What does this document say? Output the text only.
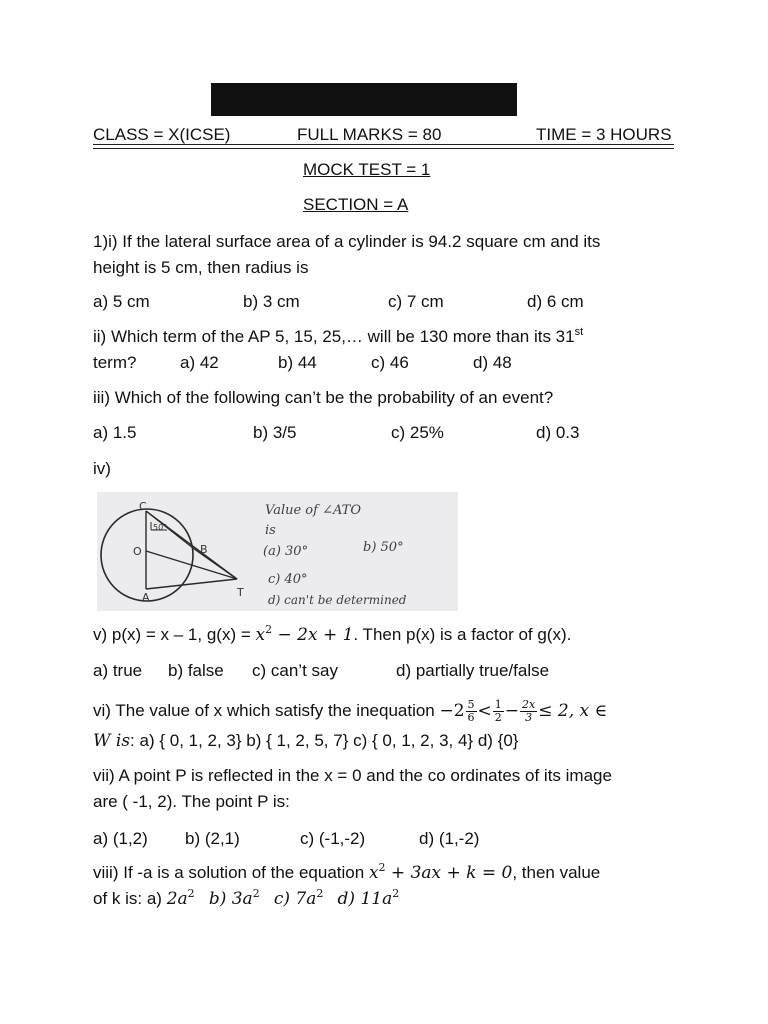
CLASS = X(ICSE)	FULL MARKS = 80	TIME = 3 HOURS
MOCK TEST = 1
SECTION = A
1)i) If the lateral surface area of a cylinder is 94.2 square cm and its
height is 5 cm, then radius is
a) 5 cm	b) 3 cm	c) 7 cm	d) 6 cm
ii) Which term of the AP 5, 15, 25,… will be 130 more than its 31st
term?	a) 42	b) 44	c) 46	d) 48
iii) Which of the following can’t be the probability of an event?
a) 1.5	b) 3/5	c) 25%	d) 0.3
iv)
C
50°
O	B
A	T
Value of ∠ATO
is
(a) 30°	b) 50°
c) 40°
d) can't be determined
v) p(x) = x – 1, $g(x) = x^2 - 2x + 1$. Then p(x) is a factor of g(x).
a) true b) false c) can’t say	d) partially true/false
vi) The value of x which satisfy the inequation $-2 \frac{5}{6} < \frac{1}{2} - \frac{2x}{3} \le 2$, x ∈
W is: a) { 0, 1, 2, 3} b) { 1, 2, 5, 7} c) { 0, 1, 2, 3, 4} d) {0}
vii) A point P is reflected in the x = 0 and the co ordinates of its image
are ( -1, 2). The point P is:
a) (1,2) b) (2,1)	c) (-1,-2)	d) (1,-2)
viii) If -a is a solution of the equation $x^2 + 3ax + k = 0$, then value
of k is: a) $2a^2$ b) $3a^2$ c) $7a^2$ d) $11a^2$
